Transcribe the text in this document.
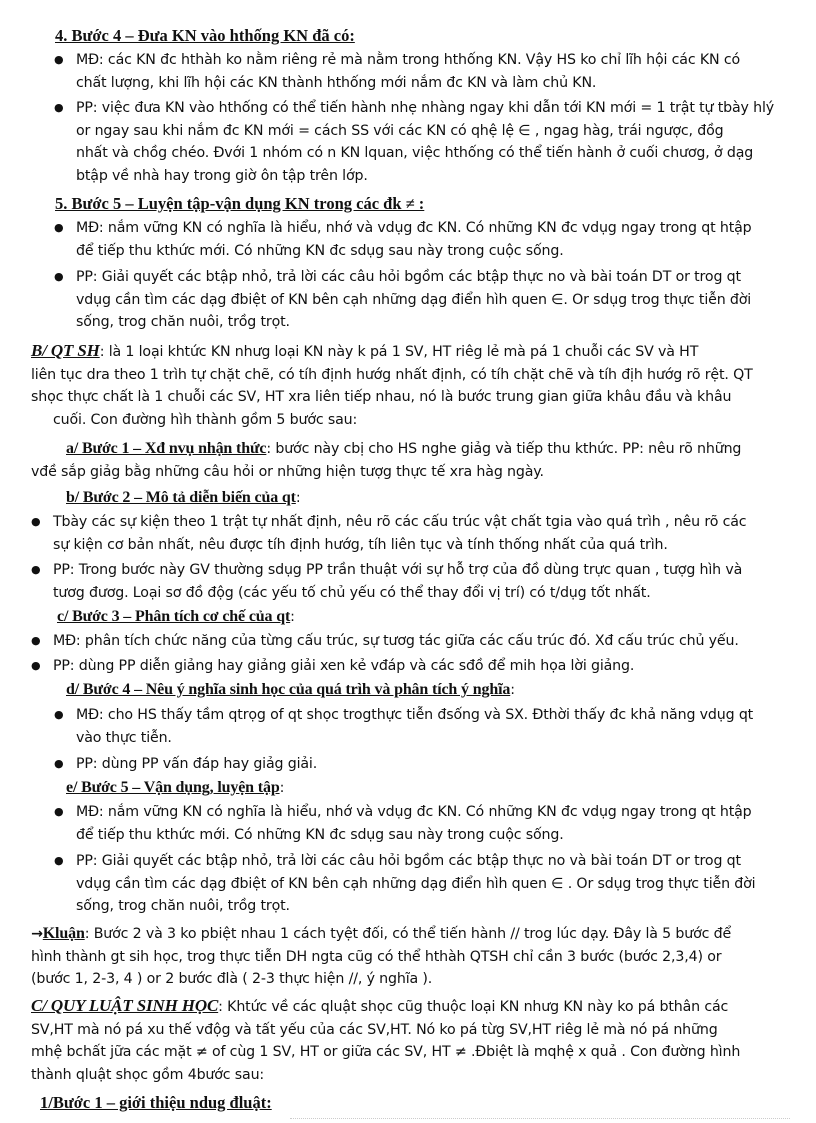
4. Bước 4 – Đưa KN vào hthống KN đã có:
● MĐ: các KN đc hthàh ko nằm riêng rẻ mà nằm trong hthống KN. Vậy HS ko chỉ lĩh hội các KN có
chất lượng, khi lĩh hội các KN thành hthống mới nắm đc KN và làm chủ KN.
● PP: việc đưa KN vào hthống có thể tiến hành nhẹ nhàng ngay khi dẫn tới KN mới = 1 trật tự tbày hlý
or ngay sau khi nắm đc KN mới = cách SS với các KN có qhệ lệ ∈ , ngag hàg, trái ngược, đồg
nhất và chồg chéo. Đvới 1 nhóm có n KN lquan, việc hthống có thể tiến hành ở cuối chươg, ở dạg
btập về nhà hay trong giờ ôn tập trên lớp.
5. Bước 5 – Luyện tập-vận dụng KN trong các đk ≠ :
● MĐ: nắm vững KN có nghĩa là hiểu, nhớ và vdụg đc KN. Có những KN đc vdụg ngay trong qt htập
để tiếp thu kthức mới. Có những KN đc sdụg sau này trong cuộc sống.
● PP: Giải quyết các btập nhỏ, trả lời các câu hỏi bgồm các btập thực no và bài toán DT or trog qt
vdụg cần tìm các dạg đbiệt of KN bên cạh những dạg điển hìh quen ∈. Or sdụg trog thực tiễn đời
sống, trog chăn nuôi, trồg trọt.
B/ QT SH: là 1 loại khtức KN nhưg loại KN này k pá 1 SV, HT riêg lẻ mà pá 1 chuỗi các SV và HT
liên tục dra theo 1 trìh tự chặt chẽ, có tíh định hướg nhất định, có tíh chặt chẽ và tíh địh hướg rõ rệt. QT
shọc thực chất là 1 chuỗi các SV, HT xra liên tiếp nhau, nó là bước trung gian giữa khâu đầu và khâu
cuối. Con đường hìh thành gồm 5 bước sau:
a/ Bước 1 – Xđ nvụ nhận thức: bước này cbị cho HS nghe giảg và tiếp thu kthức. PP: nêu rõ những
vđề sắp giảg bằg những câu hỏi or những hiện tượg thực tế xra hàg ngày.
b/ Bước 2 – Mô tả diễn biến của qt:
● Tbày các sự kiện theo 1 trật tự nhất định, nêu rõ các cấu trúc vật chất tgia vào quá trìh , nêu rõ các
sự kiện cơ bản nhất, nêu được tíh định hướg, tíh liên tục và tính thống nhất của quá trìh.
● PP: Trong bước này GV thường sdụg PP trần thuật với sự hỗ trợ của đồ dùng trực quan , tượg hìh và
tươg đươg. Loại sơ đồ độg (các yếu tố chủ yếu có thể thay đổi vị trí) có t/dụg tốt nhất.
c/ Bước 3 – Phân tích cơ chế của qt:
● MĐ: phân tích chức năng của từng cấu trúc, sự tươg tác giữa các cấu trúc đó. Xđ cấu trúc chủ yếu.
● PP: dùng PP diễn giảng hay giảng giải xen kẻ vđáp và các sđồ để mih họa lời giảng.
d/ Bước 4 – Nêu ý nghĩa sinh học của quá trìh và phân tích ý nghĩa:
● MĐ: cho HS thấy tầm qtrọg of qt shọc trogthực tiễn đsống và SX. Đthời thấy đc khả năng vdụg qt
vào thực tiễn.
● PP: dùng PP vấn đáp hay giảg giải.
e/ Bước 5 – Vận dụng, luyện tập:
● MĐ: nắm vững KN có nghĩa là hiểu, nhớ và vdụg đc KN. Có những KN đc vdụg ngay trong qt htập
để tiếp thu kthức mới. Có những KN đc sdụg sau này trong cuộc sống.
● PP: Giải quyết các btập nhỏ, trả lời các câu hỏi bgồm các btập thực no và bài toán DT or trog qt
vdụg cần tìm các dạg đbiệt of KN bên cạh những dạg điển hìh quen ∈ . Or sdụg trog thực tiễn đời
sống, trog chăn nuôi, trồg trọt.
→Kluận: Bước 2 và 3 ko pbiệt nhau 1 cách tyệt đối, có thể tiến hành // trog lúc dạy. Đây là 5 bước để
hình thành gt sih học, trog thực tiễn DH ngta cũg có thể hthàh QTSH chỉ cần 3 bước (bước 2,3,4) or
(bước 1, 2-3, 4 ) or 2 bước đlà ( 2-3 thực hiện //, ý nghĩa ).
C/ QUY LUẬT SINH HỌC: Khtức về các qluật shọc cũg thuộc loại KN nhưg KN này ko pá bthân các
SV,HT mà nó pá xu thế vđộg và tất yếu của các SV,HT. Nó ko pá từg SV,HT riêg lẻ mà nó pá những
mhệ bchất jữa các mặt ≠ of cùg 1 SV, HT or giữa các SV, HT ≠ .Đbiệt là mqhệ x quả . Con đường hình
thành qluật shọc gồm 4bước sau:
1/Bước 1 – giới thiệu ndug đluật:
